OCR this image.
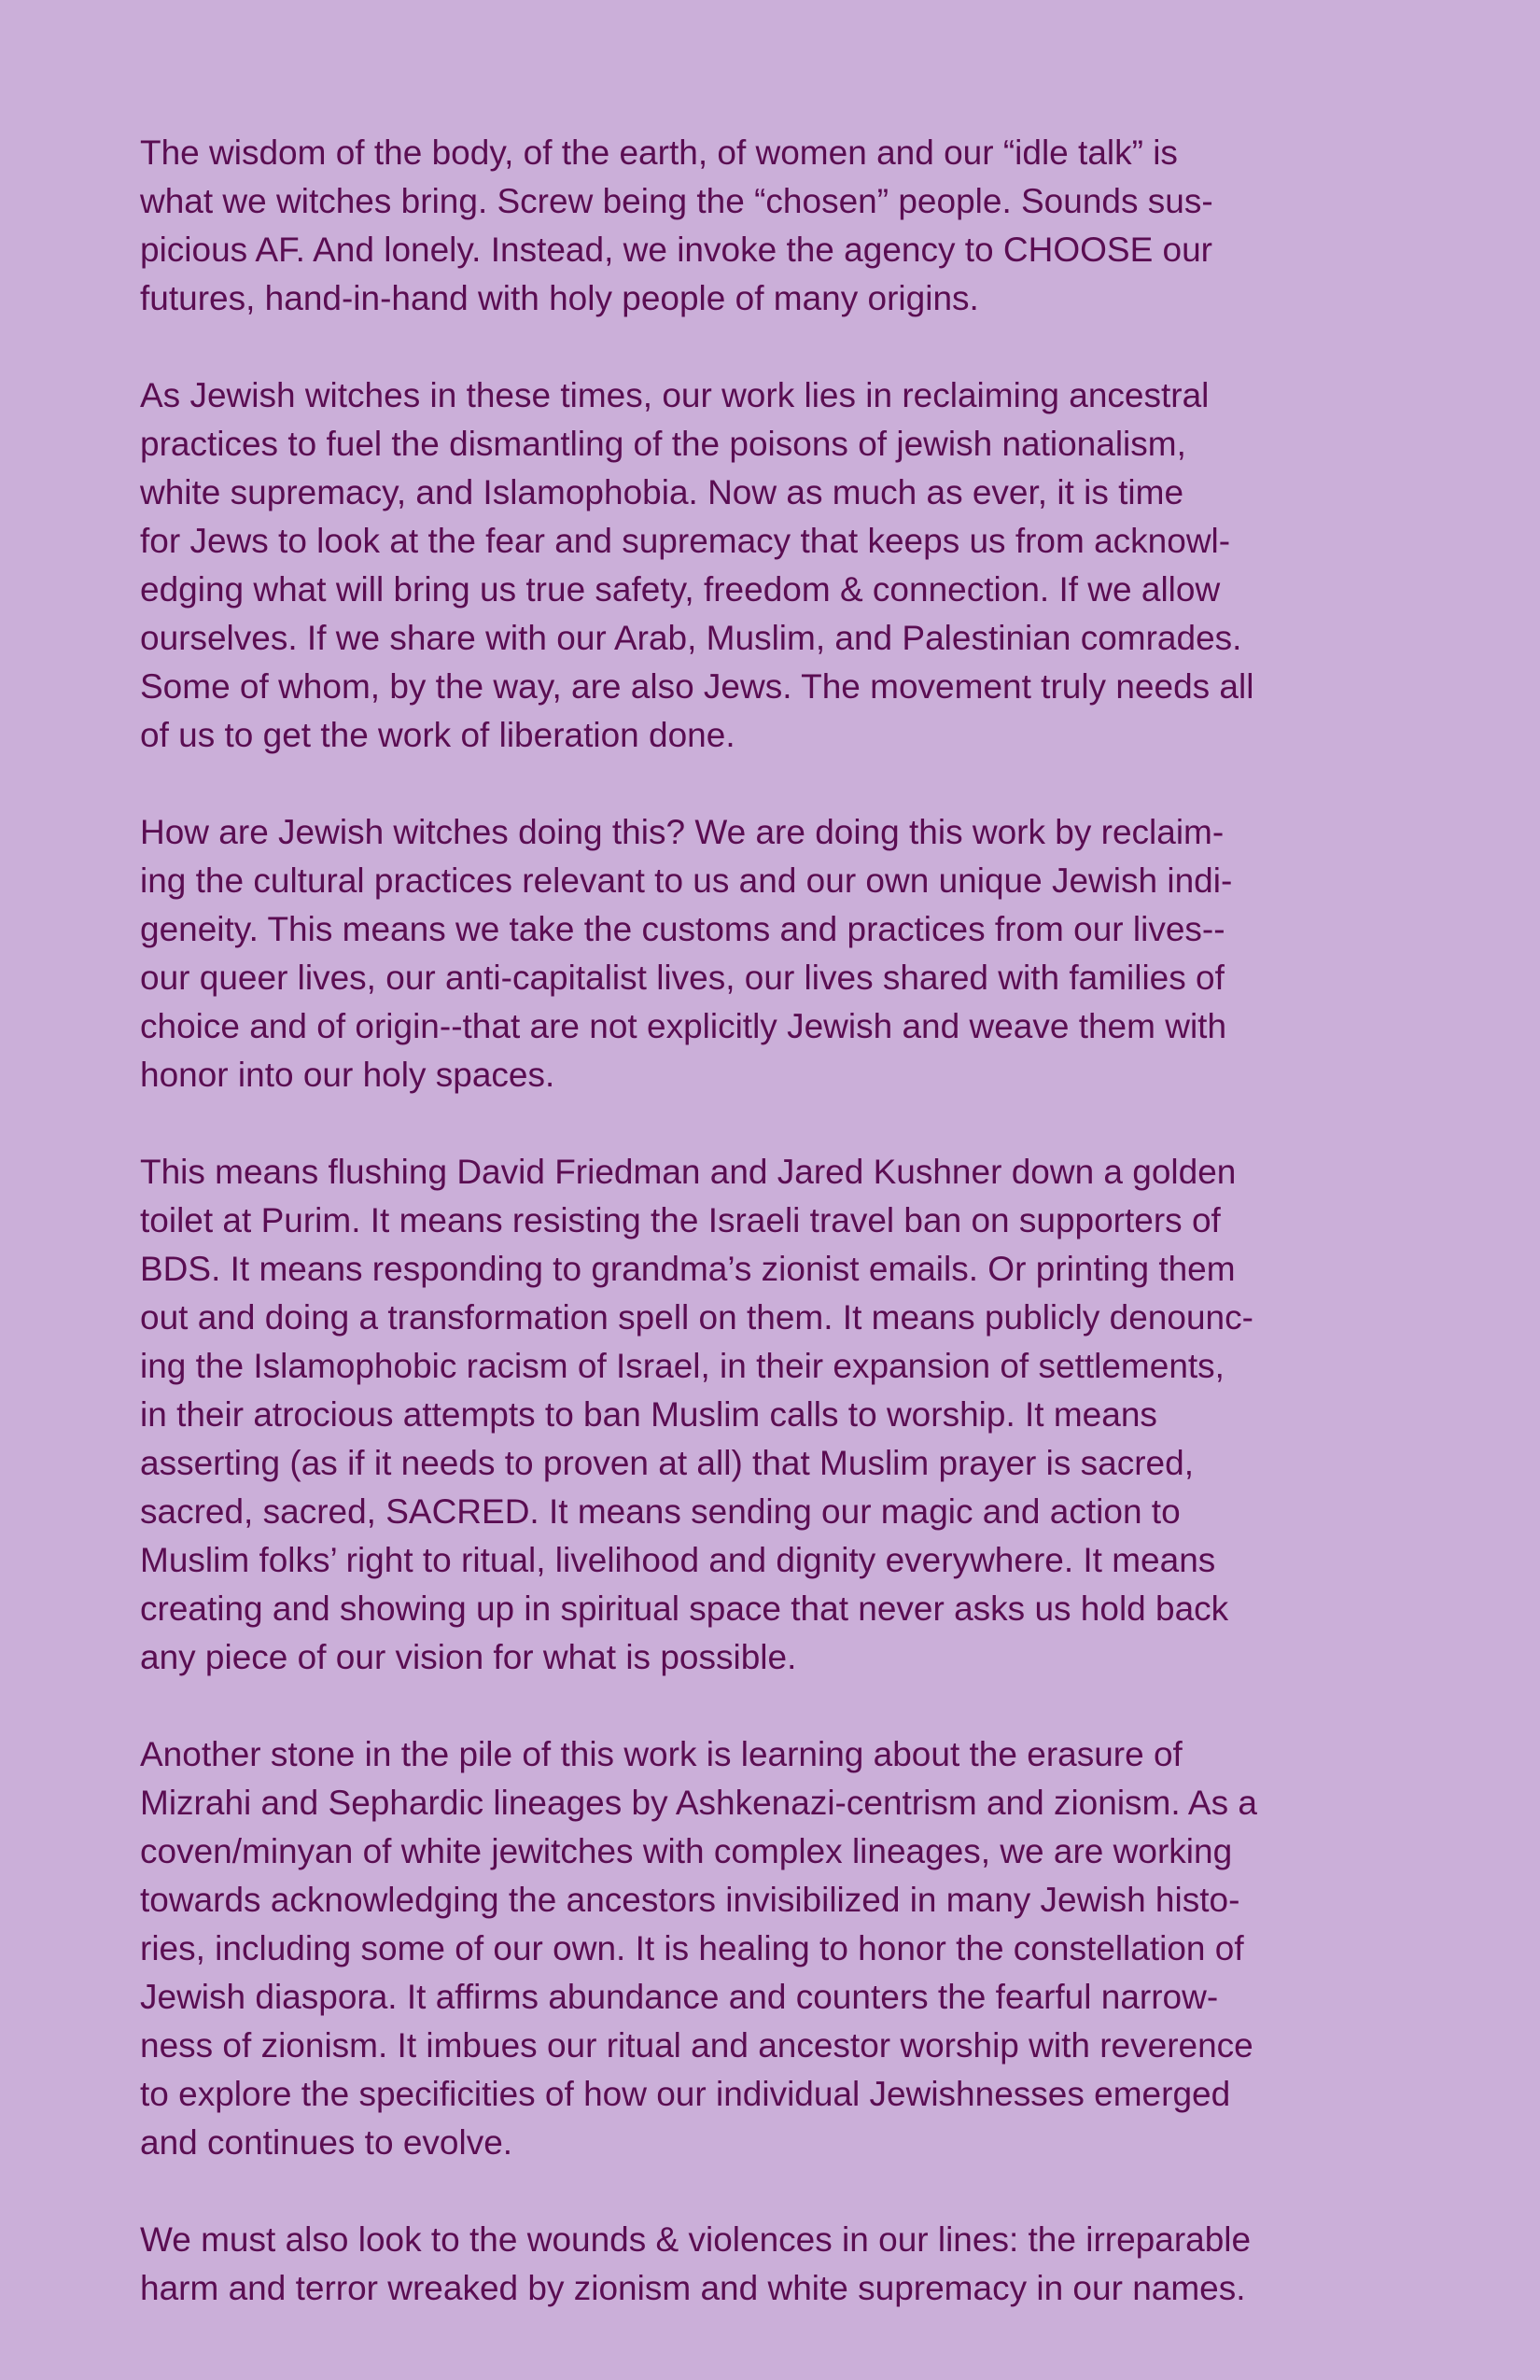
The wisdom of the body, of the earth, of women and our “idle talk” is
what we witches bring. Screw being the “chosen” people. Sounds sus-
picious AF. And lonely. Instead, we invoke the agency to CHOOSE our
futures, hand-in-hand with holy people of many origins.
As Jewish witches in these times, our work lies in reclaiming ancestral
practices to fuel the dismantling of the poisons of jewish nationalism,
white supremacy, and Islamophobia. Now as much as ever, it is time
for Jews to look at the fear and supremacy that keeps us from acknowl-
edging what will bring us true safety, freedom & connection. If we allow
ourselves. If we share with our Arab, Muslim, and Palestinian comrades.
Some of whom, by the way, are also Jews. The movement truly needs all
of us to get the work of liberation done.
How are Jewish witches doing this? We are doing this work by reclaim-
ing the cultural practices relevant to us and our own unique Jewish indi-
geneity. This means we take the customs and practices from our lives--
our queer lives, our anti-capitalist lives, our lives shared with families of
choice and of origin--that are not explicitly Jewish and weave them with
honor into our holy spaces.
This means flushing David Friedman and Jared Kushner down a golden
toilet at Purim. It means resisting the Israeli travel ban on supporters of
BDS. It means responding to grandma’s zionist emails. Or printing them
out and doing a transformation spell on them. It means publicly denounc-
ing the Islamophobic racism of Israel, in their expansion of settlements,
in their atrocious attempts to ban Muslim calls to worship. It means
asserting (as if it needs to proven at all) that Muslim prayer is sacred,
sacred, sacred, SACRED. It means sending our magic and action to
Muslim folks’ right to ritual, livelihood and dignity everywhere. It means
creating and showing up in spiritual space that never asks us hold back
any piece of our vision for what is possible.
Another stone in the pile of this work is learning about the erasure of
Mizrahi and Sephardic lineages by Ashkenazi-centrism and zionism. As a
coven/minyan of white jewitches with complex lineages, we are working
towards acknowledging the ancestors invisibilized in many Jewish histo-
ries, including some of our own. It is healing to honor the constellation of
Jewish diaspora. It affirms abundance and counters the fearful narrow-
ness of zionism. It imbues our ritual and ancestor worship with reverence
to explore the specificities of how our individual Jewishnesses emerged
and continues to evolve.
We must also look to the wounds & violences in our lines: the irreparable
harm and terror wreaked by zionism and white supremacy in our names.
